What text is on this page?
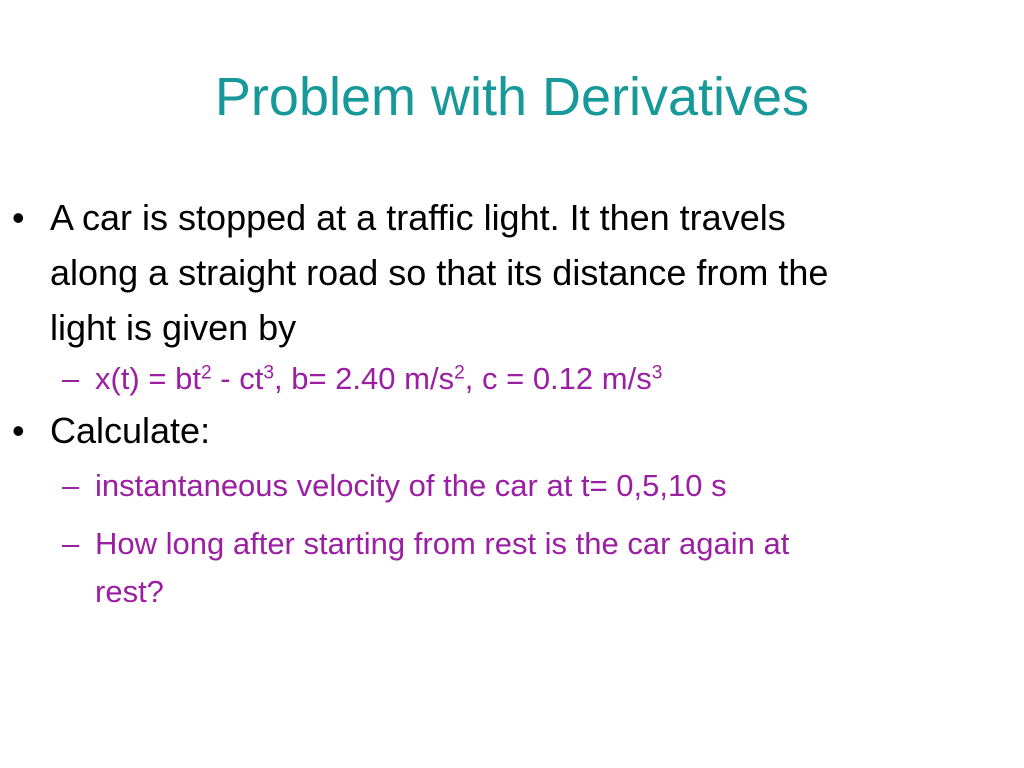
Problem with Derivatives
• A car is stopped at a traffic light. It then travels along a straight road so that its distance from the light is given by
– $x(t) = bt^2 - ct^3$, b= 2.40 $m/s^2$, c = 0.12 $m/s^3$
• Calculate:
– instantaneous velocity of the car at t= 0,5,10 s
– How long after starting from rest is the car again at rest?
